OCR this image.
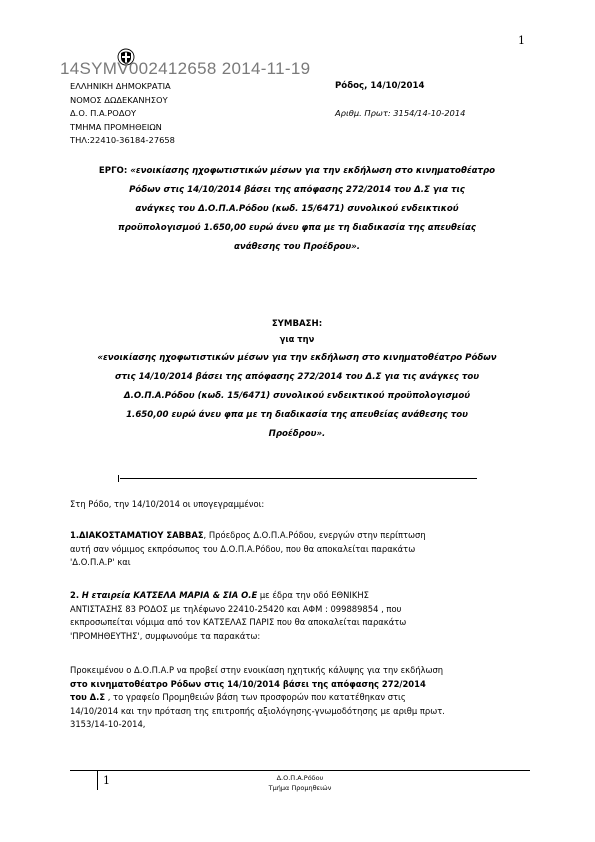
1
14SYMV002412658 2014-11-19
ΕΛΛΗΝΙΚΗ ΔΗΜΟΚΡΑΤΙΑ
ΝΟΜΟΣ ΔΩΔΕΚΑΝΗΣΟΥ
Δ.Ο. Π.Α.ΡΟΔΟΥ
ΤΜΗΜΑ ΠΡΟΜΗΘΕΙΩΝ
ΤΗΛ:22410-36184-27658
Ρόδος, 14/10/2014
Αριθμ. Πρωτ: 3154/14-10-2014
ΕΡΓΟ: «ενοικίασης ηχοφωτιστικών μέσων για την εκδήλωση στο κινηματοθέατρο
Ρόδων στις 14/10/2014 βάσει της απόφασης 272/2014 του Δ.Σ για τις
ανάγκες του Δ.Ο.Π.Α.Ρόδου (κωδ. 15/6471) συνολικού ενδεικτικού
προϋπολογισμού 1.650,00 ευρώ άνευ φπα με τη διαδικασία της απευθείας
ανάθεσης του Προέδρου».
ΣΥΜΒΑΣΗ:
για την
«ενοικίασης ηχοφωτιστικών μέσων για την εκδήλωση στο κινηματοθέατρο Ρόδων
στις 14/10/2014 βάσει της απόφασης 272/2014 του Δ.Σ για τις ανάγκες του
Δ.Ο.Π.Α.Ρόδου (κωδ. 15/6471) συνολικού ενδεικτικού προϋπολογισμού
1.650,00 ευρώ άνευ φπα με τη διαδικασία της απευθείας ανάθεσης του
Προέδρου».
Στη Ρόδο, την 14/10/2014 οι υπογεγραμμένοι:
1.ΔΙΑΚΟΣΤΑΜΑΤΙΟΥ ΣΑΒΒΑΣ, Πρόεδρος Δ.Ο.Π.Α.Ρόδου, ενεργών στην περίπτωση
αυτή σαν νόμιμος εκπρόσωπος του Δ.Ο.Π.Α.Ρόδου, που θα αποκαλείται παρακάτω
'Δ.Ο.Π.Α.Ρ' και
2. Η εταιρεία ΚΑΤΣΕΛΑ ΜΑΡΙΑ & ΣΙΑ Ο.Ε με έδρα την οδό ΕΘΝΙΚΗΣ
ΑΝΤΙΣΤΑΣΗΣ 83 ΡΟΔΟΣ με τηλέφωνο 22410-25420 και ΑΦΜ : 099889854 , που
εκπροσωπείται νόμιμα από τον ΚΑΤΣΕΛΑΣ ΠΑΡΙΣ που θα αποκαλείται παρακάτω
'ΠΡΟΜΗΘΕΥΤΗΣ', συμφωνούμε τα παρακάτω:
Προκειμένου ο Δ.Ο.Π.Α.Ρ να προβεί στην ενοικίαση ηχητικής κάλυψης για την εκδήλωση
στο κινηματοθέατρο Ρόδων στις 14/10/2014 βάσει της απόφασης 272/2014
του Δ.Σ , το γραφείο Προμηθειών βάση των προσφορών που κατατέθηκαν στις
14/10/2014 και την πρόταση της επιτροπής αξιολόγησης-γνωμοδότησης με αριθμ πρωτ.
3153/14-10-2014,
1	Δ.Ο.Π.Α.Ρόδου
Τμήμα Προμηθειών
